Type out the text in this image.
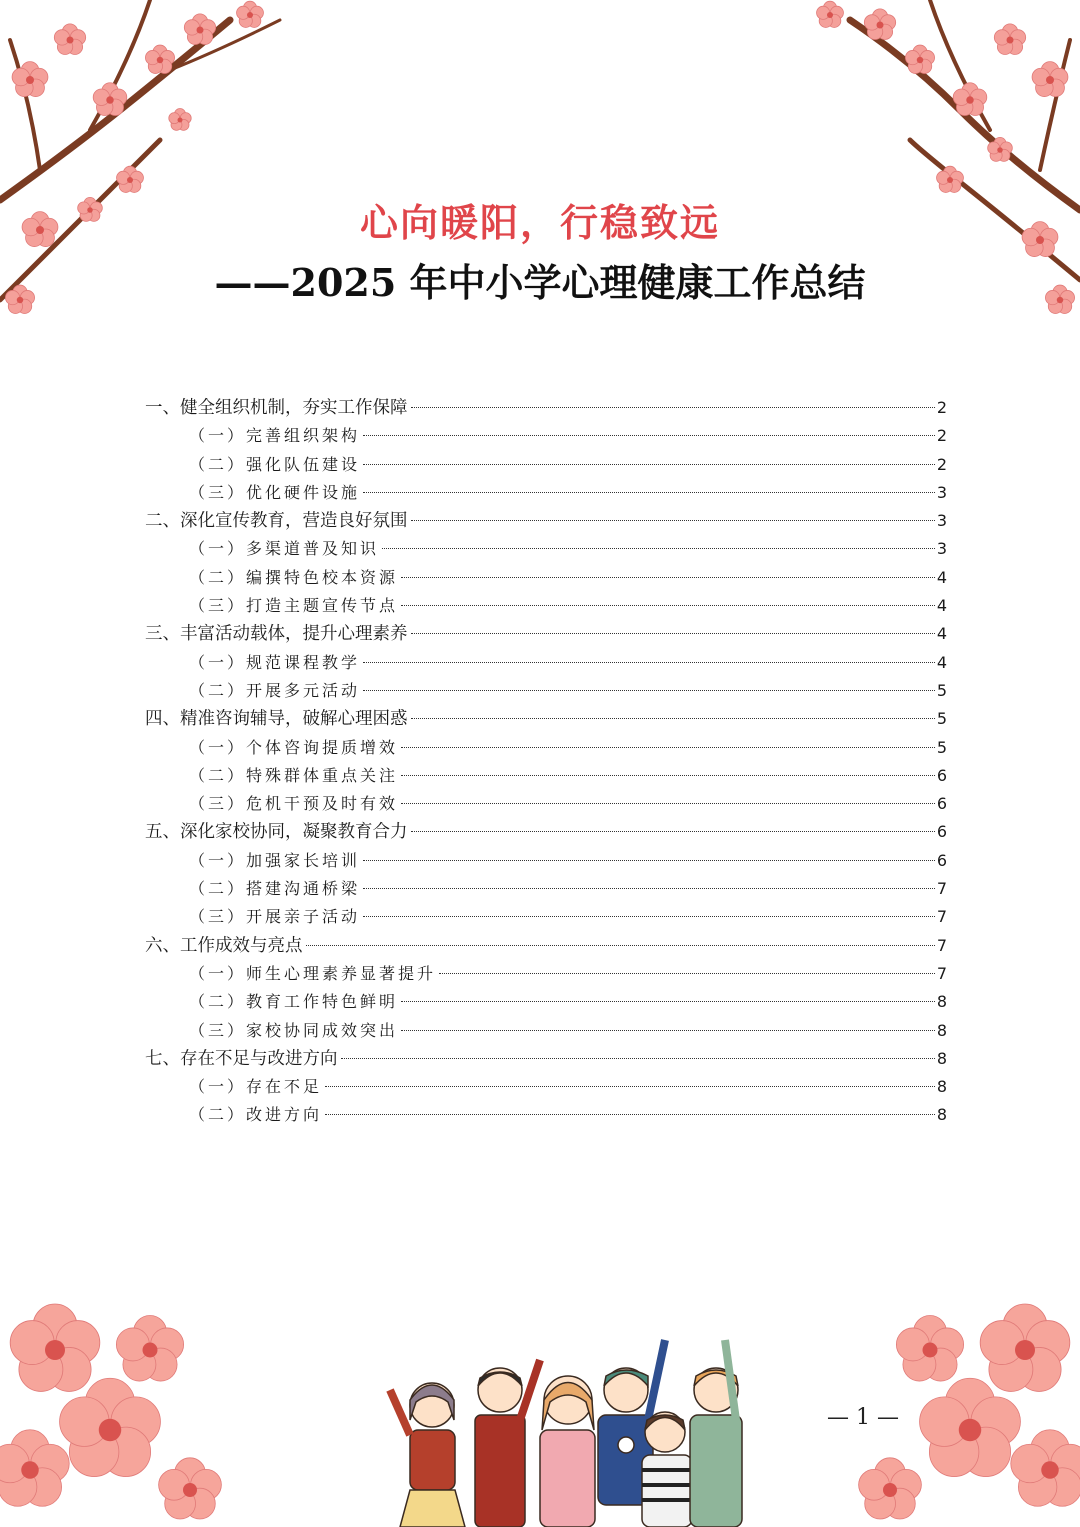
心向暖阳，行稳致远
——2025 年中小学心理健康工作总结
一、健全组织机制，夯实工作保障	2
（一）完善组织架构	2
（二）强化队伍建设	2
（三）优化硬件设施	3
二、深化宣传教育，营造良好氛围	3
（一）多渠道普及知识	3
（二）编撰特色校本资源	4
（三）打造主题宣传节点	4
三、丰富活动载体，提升心理素养	4
（一）规范课程教学	4
（二）开展多元活动	5
四、精准咨询辅导，破解心理困惑	5
（一）个体咨询提质增效	5
（二）特殊群体重点关注	6
（三）危机干预及时有效	6
五、深化家校协同，凝聚教育合力	6
（一）加强家长培训	6
（二）搭建沟通桥梁	7
（三）开展亲子活动	7
六、工作成效与亮点	7
（一）师生心理素养显著提升	7
（二）教育工作特色鲜明	8
（三）家校协同成效突出	8
七、存在不足与改进方向	8
（一）存在不足	8
（二）改进方向	8
— 1 —
